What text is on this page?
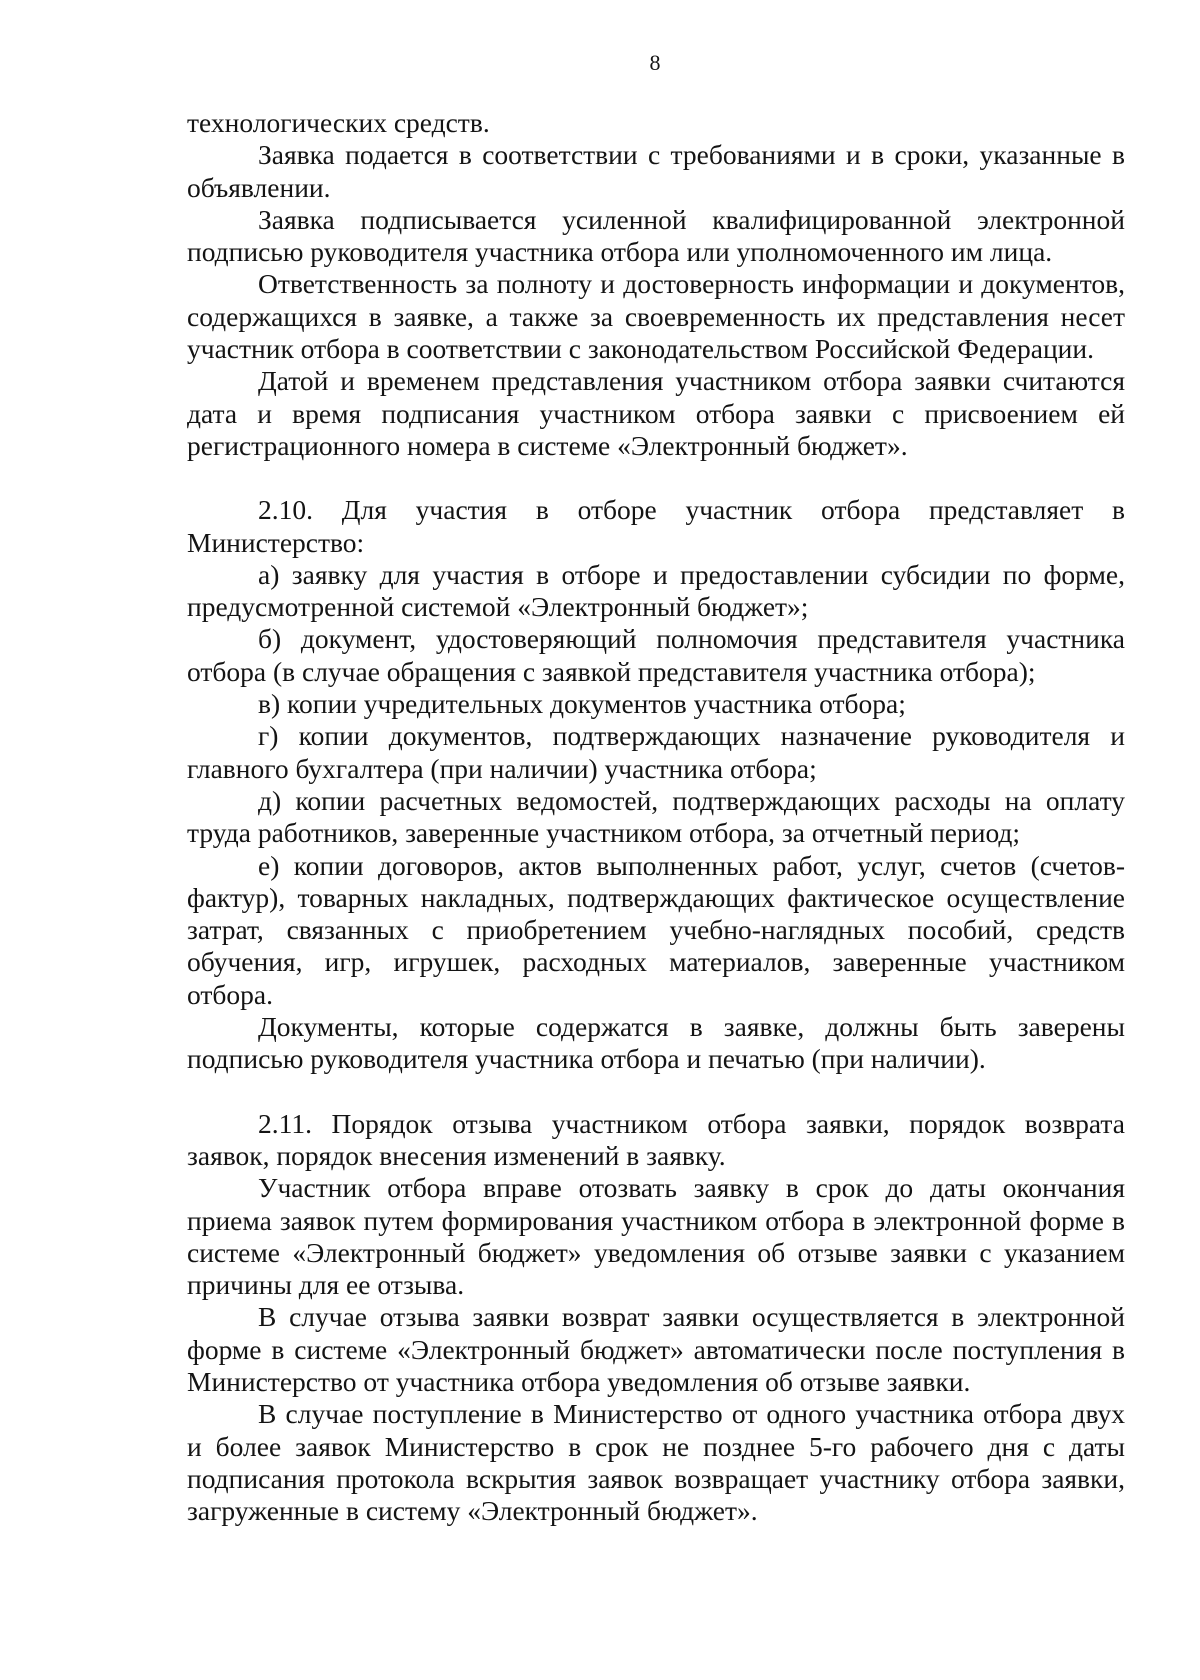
8

технологических средств.

Заявка подается в соответствии с требованиями и в сроки, указанные в объявлении.

Заявка подписывается усиленной квалифицированной электронной подписью руководителя участника отбора или уполномоченного им лица.

Ответственность за полноту и достоверность информации и документов, содержащихся в заявке, а также за своевременность их представления несет участник отбора в соответствии с законодательством Российской Федерации.

Датой и временем представления участником отбора заявки считаются дата и время подписания участником отбора заявки с присвоением ей регистрационного номера в системе «Электронный бюджет».

2.10. Для участия в отборе участник отбора представляет в Министерство:

а) заявку для участия в отборе и предоставлении субсидии по форме, предусмотренной системой «Электронный бюджет»;

б) документ, удостоверяющий полномочия представителя участника отбора (в случае обращения с заявкой представителя участника отбора);

в) копии учредительных документов участника отбора;

г) копии документов, подтверждающих назначение руководителя и главного бухгалтера (при наличии) участника отбора;

д) копии расчетных ведомостей, подтверждающих расходы на оплату труда работников, заверенные участником отбора, за отчетный период;

е) копии договоров, актов выполненных работ, услуг, счетов (счетов-фактур), товарных накладных, подтверждающих фактическое осуществление затрат, связанных с приобретением учебно-наглядных пособий, средств обучения, игр, игрушек, расходных материалов, заверенные участником отбора.

Документы, которые содержатся в заявке, должны быть заверены подписью руководителя участника отбора и печатью (при наличии).

2.11. Порядок отзыва участником отбора заявки, порядок возврата заявок, порядок внесения изменений в заявку.

Участник отбора вправе отозвать заявку в срок до даты окончания приема заявок путем формирования участником отбора в электронной форме в системе «Электронный бюджет» уведомления об отзыве заявки с указанием причины для ее отзыва.

В случае отзыва заявки возврат заявки осуществляется в электронной форме в системе «Электронный бюджет» автоматически после поступления в Министерство от участника отбора уведомления об отзыве заявки.

В случае поступление в Министерство от одного участника отбора двух и более заявок Министерство в срок не позднее 5-го рабочего дня с даты подписания протокола вскрытия заявок возвращает участнику отбора заявки, загруженные в систему «Электронный бюджет».
